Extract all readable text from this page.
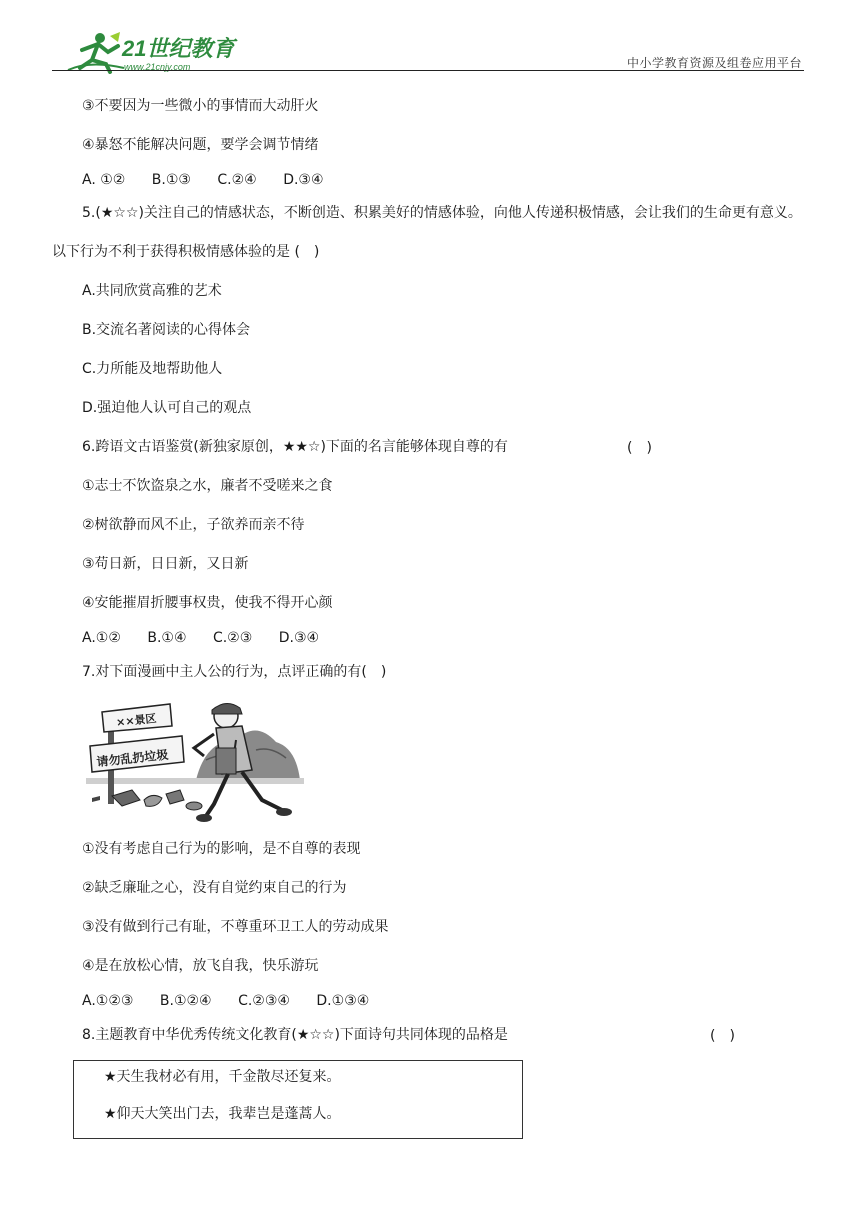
21世纪教育
www.21cnjy.com	中小学教育资源及组卷应用平台
③不要因为一些微小的事情而大动肝火
④暴怒不能解决问题，要学会调节情绪
A. ①② B.①③ C.②④ D.③④
5.(★☆☆)关注自己的情感状态，不断创造、积累美好的情感体验，向他人传递积极情感，会让我们的生命更有意义。以下行为不利于获得积极情感体验的是 (　)
A.共同欣赏高雅的艺术
B.交流名著阅读的心得体会
C.力所能及地帮助他人
D.强迫他人认可自己的观点
6.跨语文古语鉴赏(新独家原创，★★☆)下面的名言能够体现自尊的有	(　)
①志士不饮盗泉之水，廉者不受嗟来之食
②树欲静而风不止，子欲养而亲不待
③苟日新，日日新，又日新
④安能摧眉折腰事权贵，使我不得开心颜
A.①② B.①④ C.②③ D.③④
7.对下面漫画中主人公的行为，点评正确的有(　)
××景区
请勿乱扔垃圾
①没有考虑自己行为的影响，是不自尊的表现
②缺乏廉耻之心，没有自觉约束自己的行为
③没有做到行己有耻，不尊重环卫工人的劳动成果
④是在放松心情，放飞自我，快乐游玩
A.①②③ B.①②④ C.②③④ D.①③④
8.主题教育中华优秀传统文化教育(★☆☆)下面诗句共同体现的品格是	(　)
★天生我材必有用，千金散尽还复来。
★仰天大笑出门去，我辈岂是蓬蒿人。
